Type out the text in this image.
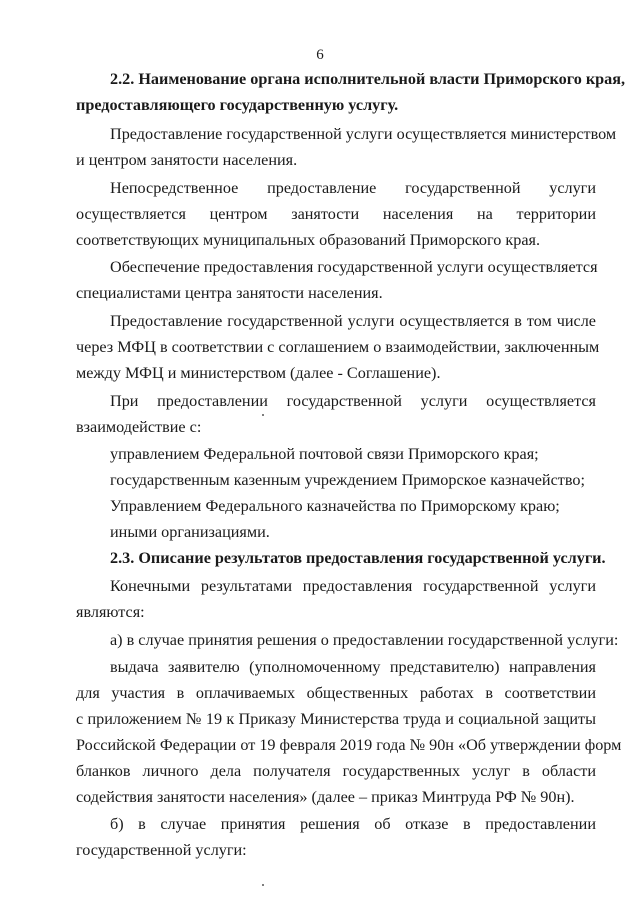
6
2.2. Наименование органа исполнительной власти Приморского края,
предоставляющего государственную услугу.
Предоставление государственной услуги осуществляется министерством
и центром занятости населения.
Непосредственное предоставление государственной услуги
осуществляется центром занятости населения на территории
соответствующих муниципальных образований Приморского края.
Обеспечение предоставления государственной услуги осуществляется
специалистами центра занятости населения.
Предоставление государственной услуги осуществляется в том числе
через МФЦ в соответствии с соглашением о взаимодействии, заключенным
между МФЦ и министерством (далее - Соглашение).
При предоставлении государственной услуги осуществляется
взаимодействие с:
управлением Федеральной почтовой связи Приморского края;
государственным казенным учреждением Приморское казначейство;
Управлением Федерального казначейства по Приморскому краю;
иными организациями.
2.3. Описание результатов предоставления государственной услуги.
Конечными результатами предоставления государственной услуги
являются:
а) в случае принятия решения о предоставлении государственной услуги:
выдача заявителю (уполномоченному представителю) направления
для участия в оплачиваемых общественных работах в соответствии
с приложением № 19 к Приказу Министерства труда и социальной защиты
Российской Федерации от 19 февраля 2019 года № 90н «Об утверждении форм
бланков личного дела получателя государственных услуг в области
содействия занятости населения» (далее – приказ Минтруда РФ № 90н).
б) в случае принятия решения об отказе в предоставлении
государственной услуги:
